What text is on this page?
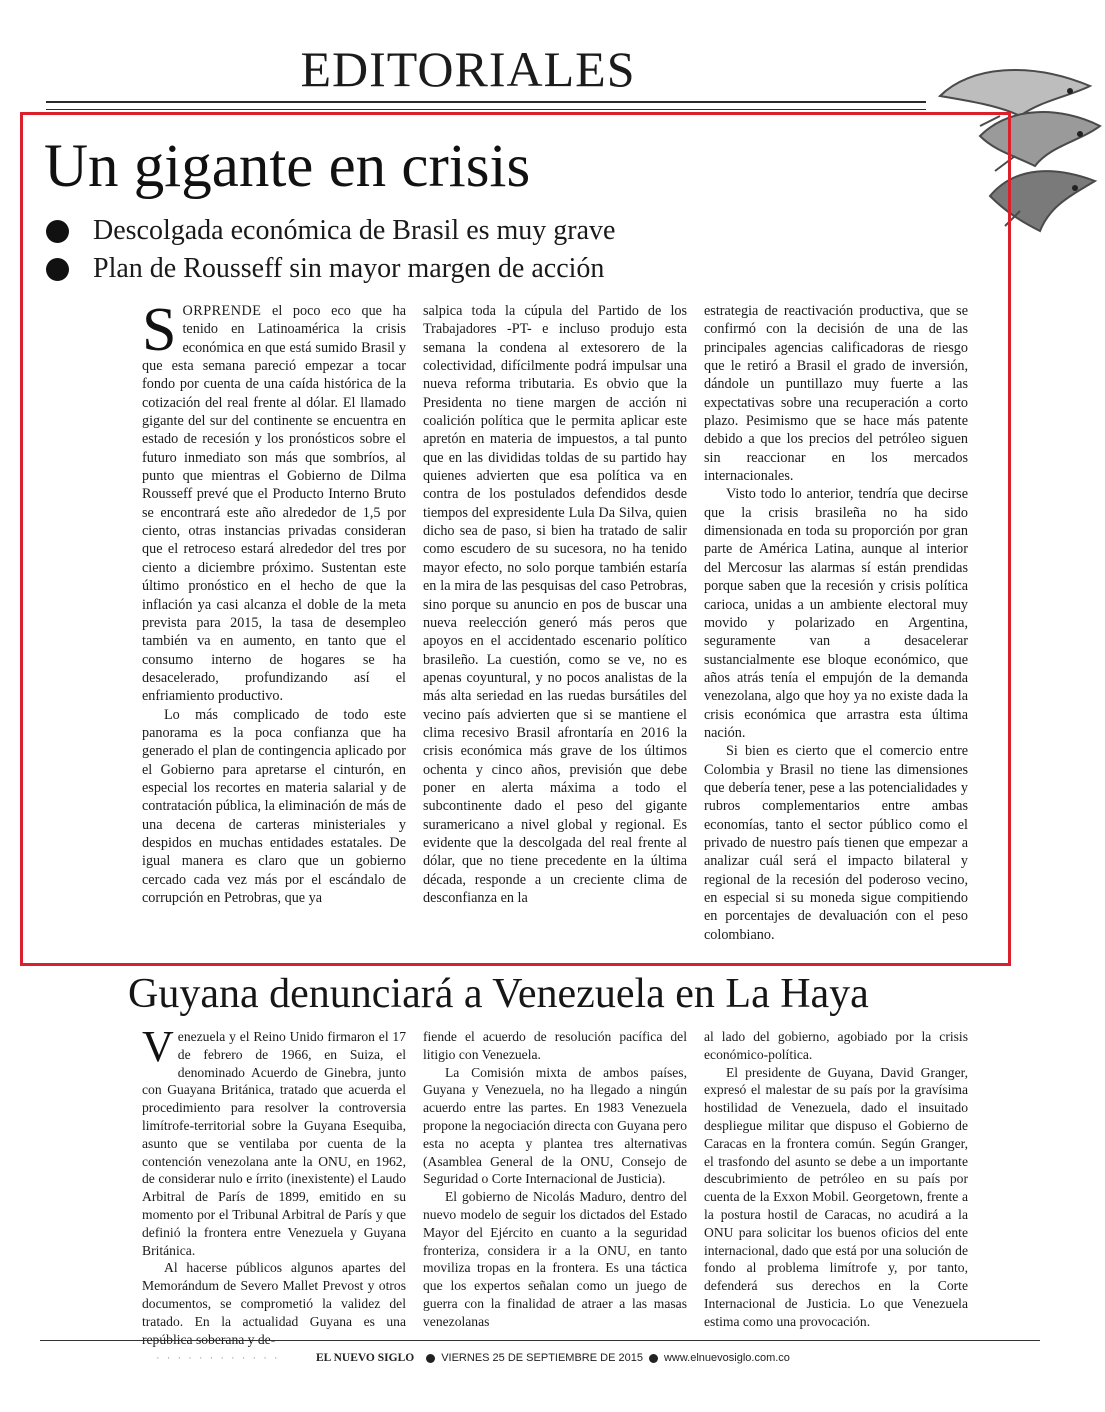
EDITORIALES
Un gigante en crisis
Descolgada económica de Brasil es muy grave
Plan de Rousseff sin mayor margen de acción

SORPRENDE el poco eco que ha tenido en Latinoamérica la crisis económica en que está sumido Brasil y que esta semana pareció empezar a tocar fondo por cuenta de una caída histórica de la cotización del real frente al dólar. El llamado gigante del sur del continente se encuentra en estado de recesión y los pronósticos sobre el futuro inmediato son más que sombríos, al punto que mientras el Gobierno de Dilma Rousseff prevé que el Producto Interno Bruto se encontrará este año alrededor de 1,5 por ciento, otras instancias privadas consideran que el retroceso estará alrededor del tres por ciento a diciembre próximo. Sustentan este último pronóstico en el hecho de que la inflación ya casi alcanza el doble de la meta prevista para 2015, la tasa de desempleo también va en aumento, en tanto que el consumo interno de hogares se ha desacelerado, profundizando así el enfriamiento productivo.

Lo más complicado de todo este panorama es la poca confianza que ha generado el plan de contingencia aplicado por el Gobierno para apretarse el cinturón, en especial los recortes en materia salarial y de contratación pública, la eliminación de más de una decena de carteras ministeriales y despidos en muchas entidades estatales. De igual manera es claro que un gobierno cercado cada vez más por el escándalo de corrupción en Petrobras, que ya

salpica toda la cúpula del Partido de los Trabajadores -PT- e incluso produjo esta semana la condena al extesorero de la colectividad, difícilmente podrá impulsar una nueva reforma tributaria. Es obvio que la Presidenta no tiene margen de acción ni coalición política que le permita aplicar este apretón en materia de impuestos, a tal punto que en las divididas toldas de su partido hay quienes advierten que esa política va en contra de los postulados defendidos desde tiempos del expresidente Lula Da Silva, quien dicho sea de paso, si bien ha tratado de salir como escudero de su sucesora, no ha tenido mayor efecto, no solo porque también estaría en la mira de las pesquisas del caso Petrobras, sino porque su anuncio en pos de buscar una nueva reelección generó más peros que apoyos en el accidentado escenario político brasileño. La cuestión, como se ve, no es apenas coyuntural, y no pocos analistas de la más alta seriedad en las ruedas bursátiles del vecino país advierten que si se mantiene el clima recesivo Brasil afrontaría en 2016 la crisis económica más grave de los últimos ochenta y cinco años, previsión que debe poner en alerta máxima a todo el subcontinente dado el peso del gigante suramericano a nivel global y regional. Es evidente que la descolgada del real frente al dólar, que no tiene precedente en la última década, responde a un creciente clima de desconfianza en la

estrategia de reactivación productiva, que se confirmó con la decisión de una de las principales agencias calificadoras de riesgo que le retiró a Brasil el grado de inversión, dándole un puntillazo muy fuerte a las expectativas sobre una recuperación a corto plazo. Pesimismo que se hace más patente debido a que los precios del petróleo siguen sin reaccionar en los mercados internacionales.

Visto todo lo anterior, tendría que decirse que la crisis brasileña no ha sido dimensionada en toda su proporción por gran parte de América Latina, aunque al interior del Mercosur las alarmas sí están prendidas porque saben que la recesión y crisis política carioca, unidas a un ambiente electoral muy movido y polarizado en Argentina, seguramente van a desacelerar sustancialmente ese bloque económico, que años atrás tenía el empujón de la demanda venezolana, algo que hoy ya no existe dada la crisis económica que arrastra esta última nación.

Si bien es cierto que el comercio entre Colombia y Brasil no tiene las dimensiones que debería tener, pese a las potencialidades y rubros complementarios entre ambas economías, tanto el sector público como el privado de nuestro país tienen que empezar a analizar cuál será el impacto bilateral y regional de la recesión del poderoso vecino, en especial si su moneda sigue compitiendo en porcentajes de devaluación con el peso colombiano.

Guyana denunciará a Venezuela en La Haya

Venezuela y el Reino Unido firmaron el 17 de febrero de 1966, en Suiza, el denominado Acuerdo de Ginebra, junto con Guayana Británica, tratado que acuerda el procedimiento para resolver la controversia limítrofe-territorial sobre la Guyana Esequiba, asunto que se ventilaba por cuenta de la contención venezolana ante la ONU, en 1962, de considerar nulo e írrito (inexistente) el Laudo Arbitral de París de 1899, emitido en su momento por el Tribunal Arbitral de París y que definió la frontera entre Venezuela y Guyana Británica.

Al hacerse públicos algunos apartes del Memorándum de Severo Mallet Prevost y otros documentos, se comprometió la validez del tratado. En la actualidad Guyana es una

fiende el acuerdo de resolución pacífica del litigio con Venezuela.

La Comisión mixta de ambos países, Guyana y Venezuela, no ha llegado a ningún acuerdo entre las partes. En 1983 Venezuela propone la negociación directa con Guyana pero esta no acepta y plantea tres alternativas (Asamblea General de la ONU, Consejo de Seguridad o Corte Internacional de Justicia).

El gobierno de Nicolás Maduro, dentro del nuevo modelo de seguir los dictados del Estado Mayor del Ejército en cuanto a la seguridad fronteriza, considera ir a la ONU, en tanto moviliza tropas en la frontera. Es una táctica que los expertos señalan como un juego de guerra con la finalidad de atraer a las masas venezolanas

al lado del gobierno, agobiado por la crisis económico-política.

El presidente de Guyana, David Granger, expresó el malestar de su país por la gravísima hostilidad de Venezuela, dado el insuitado despliegue militar que dispuso el Gobierno de Caracas en la frontera común. Según Granger, el trasfondo del asunto se debe a un importante descubrimiento de petróleo en su país por cuenta de la Exxon Mobil. Georgetown, frente a la postura hostil de Caracas, no acudirá a la ONU para solicitar los buenos oficios del ente internacional, dado que está por una solución de fondo al problema limítrofe y, por tanto, defenderá sus derechos en la Corte Internacional de Justicia. Lo que Venezuela estima como una provocación.

· · · · · · · · · · · ·	EL NUEVO SIGLO VIERNES 25 DE SEPTIEMBRE DE 2015 www.elnuevosiglo.com.co
